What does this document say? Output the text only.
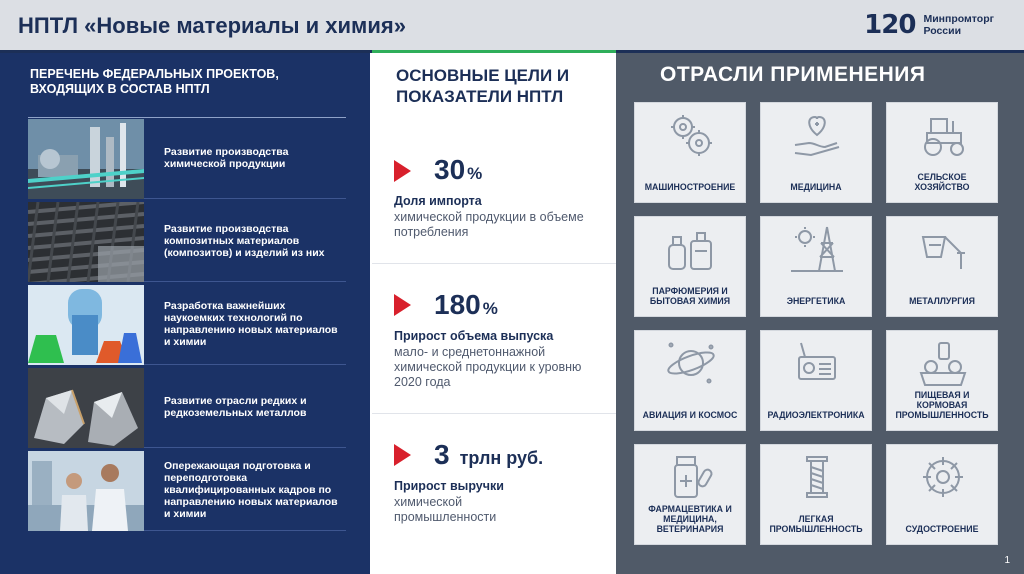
НПТЛ «Новые материалы и химия»	120 Минпромторг
России
ПЕРЕЧЕНЬ ФЕДЕРАЛЬНЫХ ПРОЕКТОВ, ВХОДЯЩИХ В СОСТАВ НПТЛ
Развитие производства химической продукции
Развитие производства композитных материалов (композитов) и изделий из них
Разработка важнейших наукоемких технологий по направлению новых материалов и химии
Развитие отрасли редких и редкоземельных металлов
Опережающая подготовка и переподготовка квалифицированных кадров по направлению новых материалов и химии
ОСНОВНЫЕ ЦЕЛИ И ПОКАЗАТЕЛИ НПТЛ
30 %
Доля импорта
химической продукции в объеме потребления
180 %
Прирост объема выпуска
мало- и среднетоннажной химической продукции к уровню 2020 года
3 трлн руб.
Прирост выручки
химической промышленности
ОТРАСЛИ ПРИМЕНЕНИЯ
МАШИНОСТРОЕНИЕ	МЕДИЦИНА
СЕЛЬСКОЕ ХОЗЯЙСТВО
ПАРФЮМЕРИЯ И БЫТОВАЯ ХИМИЯ	ЭНЕРГЕТИКА	МЕТАЛЛУРГИЯ
АВИАЦИЯ И КОСМОС	РАДИОЭЛЕКТРОНИКА
ПИЩЕВАЯ И КОРМОВАЯ ПРОМЫШЛЕННОСТЬ
ФАРМАЦЕВТИКА И МЕДИЦИНА, ВЕТЕРИНАРИЯ
ЛЕГКАЯ ПРОМЫШЛЕННОСТЬ	СУДОСТРОЕНИЕ
1
